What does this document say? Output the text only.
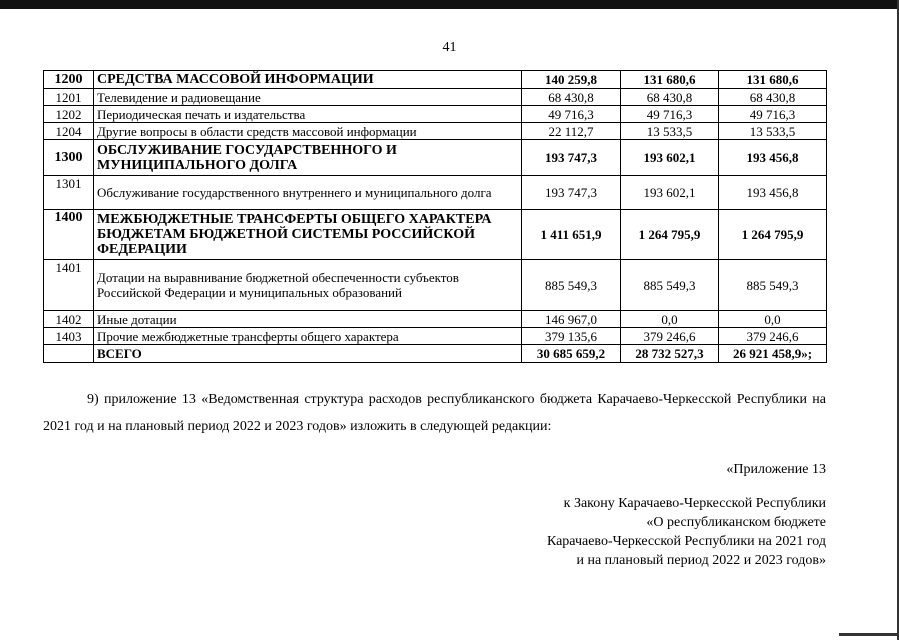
41
1200	СРЕДСТВА МАССОВОЙ ИНФОРМАЦИИ	140 259,8	131 680,6	131 680,6
1201	Телевидение и радиовещание	68 430,8	68 430,8	68 430,8
1202	Периодическая печать и издательства	49 716,3	49 716,3	49 716,3
1204	Другие вопросы в области средств массовой информации	22 112,7	13 533,5	13 533,5
1300	ОБСЛУЖИВАНИЕ ГОСУДАРСТВЕННОГО И МУНИЦИПАЛЬНОГО ДОЛГА	193 747,3	193 602,1	193 456,8
1301	Обслуживание государственного внутреннего и муниципального долга	193 747,3	193 602,1	193 456,8
1400	МЕЖБЮДЖЕТНЫЕ ТРАНСФЕРТЫ ОБЩЕГО ХАРАКТЕРА БЮДЖЕТАМ БЮДЖЕТНОЙ СИСТЕМЫ РОССИЙСКОЙ ФЕДЕРАЦИИ	1 411 651,9	1 264 795,9	1 264 795,9
1401	Дотации на выравнивание бюджетной обеспеченности субъектов Российской Федерации и муниципальных образований	885 549,3	885 549,3	885 549,3
1402	Иные дотации	146 967,0	0,0	0,0
1403	Прочие межбюджетные трансферты общего характера	379 135,6	379 246,6	379 246,6
	ВСЕГО	30 685 659,2	28 732 527,3	26 921 458,9»;
9) приложение 13 «Ведомственная структура расходов республиканского бюджета Карачаево-Черкесской Республики на 2021 год и на плановый период 2022 и 2023 годов» изложить в следующей редакции:
«Приложение 13
к Закону Карачаево-Черкесской Республики
«О республиканском бюджете
Карачаево-Черкесской Республики на 2021 год
и на плановый период 2022 и 2023 годов»
